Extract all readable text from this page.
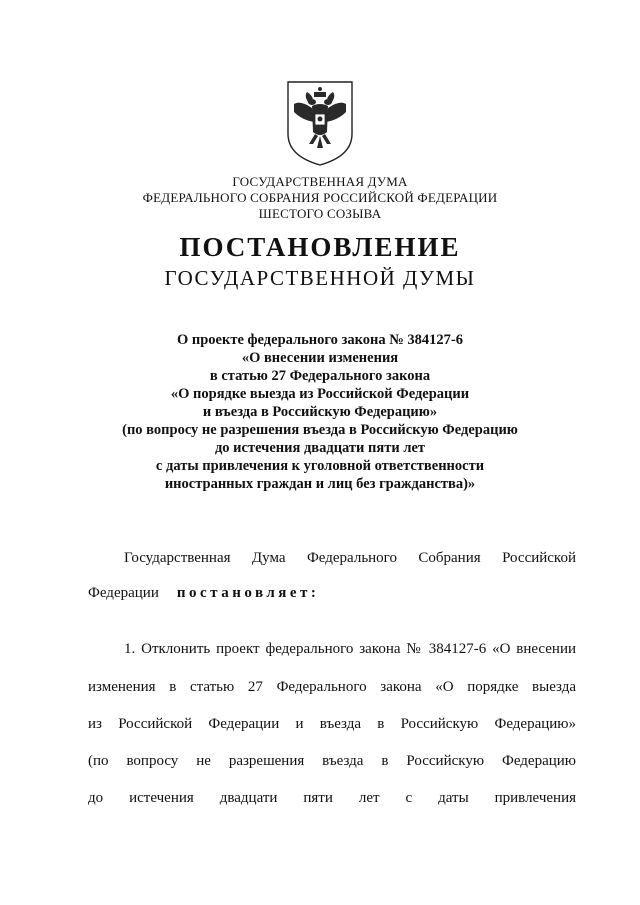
ГОСУДАРСТВЕННАЯ ДУМА
ФЕДЕРАЛЬНОГО СОБРАНИЯ РОССИЙСКОЙ ФЕДЕРАЦИИ
ШЕСТОГО СОЗЫВА
ПОСТАНОВЛЕНИЕ
ГОСУДАРСТВЕННОЙ ДУМЫ
О проекте федерального закона № 384127-6
«О внесении изменения
в статью 27 Федерального закона
«О порядке выезда из Российской Федерации
и въезда в Российскую Федерацию»
(по вопросу не разрешения въезда в Российскую Федерацию
до истечения двадцати пяти лет
с даты привлечения к уголовной ответственности
иностранных граждан и лиц без гражданства)»
Государственная Дума Федерального Собрания Российской
Федерации постановляет:
1. Отклонить проект федерального закона № 384127-6 «О внесении
изменения в статью 27 Федерального закона «О порядке выезда
из Российской Федерации и въезда в Российскую Федерацию»
(по вопросу не разрешения въезда в Российскую Федерацию
до истечения двадцати пяти лет с даты привлечения
